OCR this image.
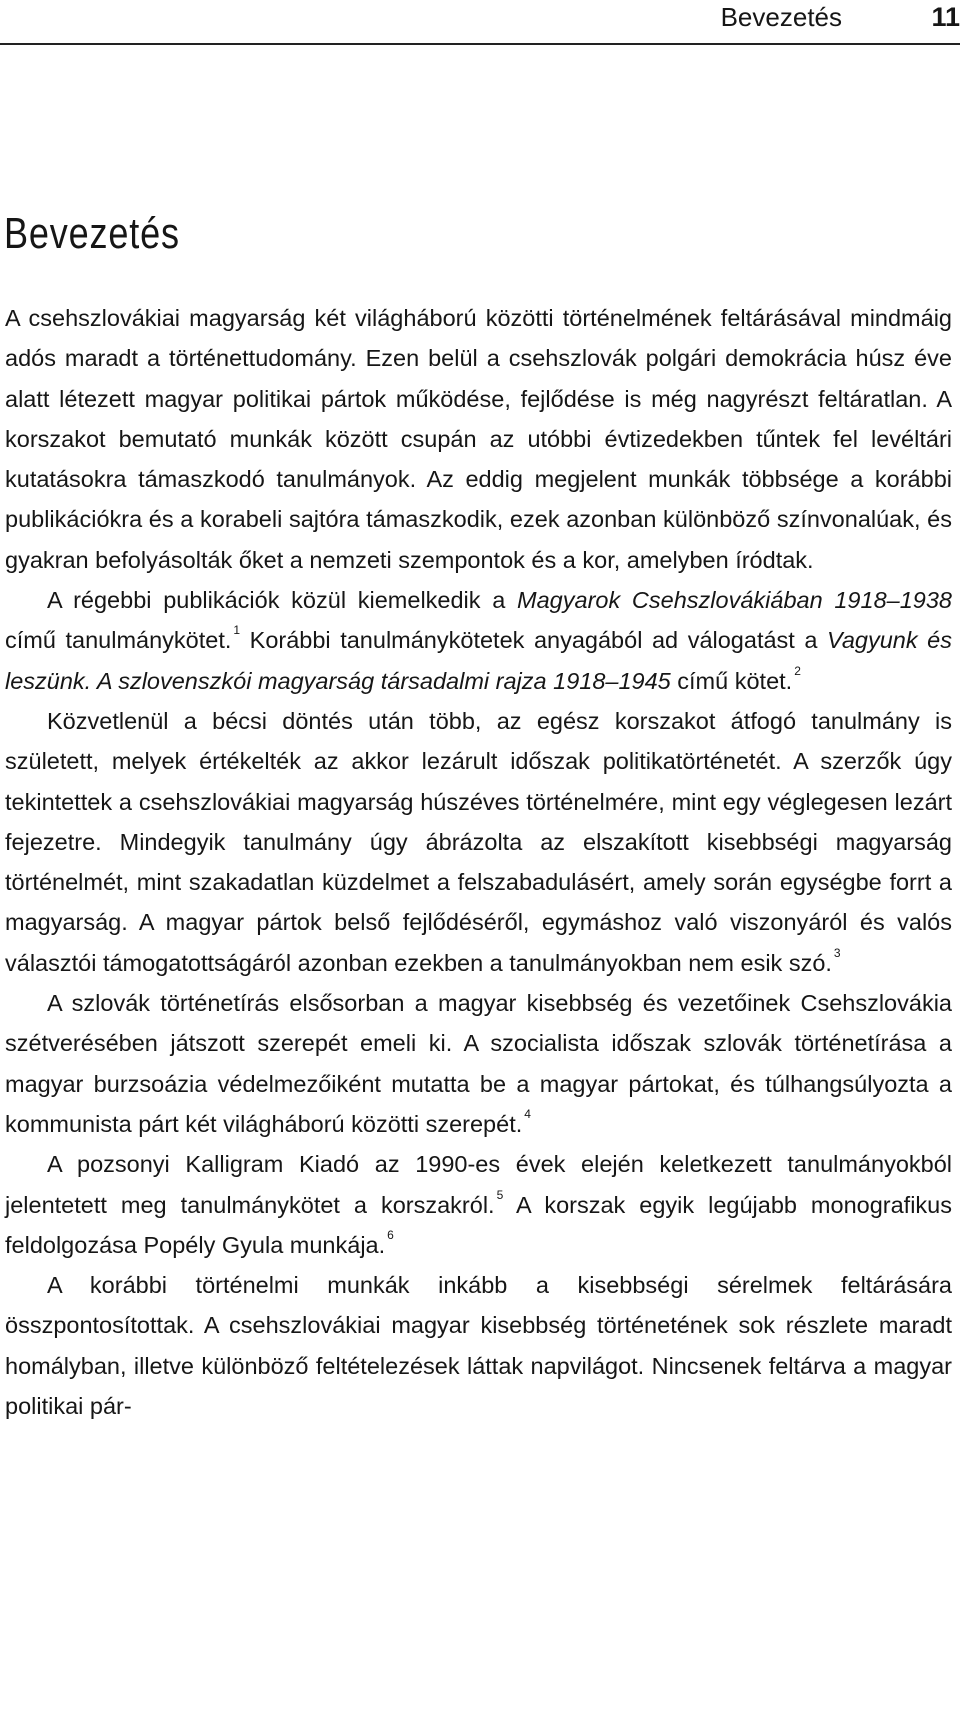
Bevezetés	11
Bevezetés

A csehszlovákiai magyarság két világháború közötti történelmének feltárásával mindmáig adós maradt a történettudomány. Ezen belül a csehszlovák polgári demokrácia húsz éve alatt létezett magyar politikai pártok működése, fejlődése is még nagyrészt feltáratlan. A korszakot bemutató munkák között csupán az utóbbi évtizedekben tűntek fel levéltári kutatásokra támaszkodó tanulmányok. Az eddig megjelent munkák többsége a korábbi publikációkra és a korabeli sajtóra támaszkodik, ezek azonban különböző színvonalúak, és gyakran befolyásolták őket a nemzeti szempontok és a kor, amelyben íródtak.

A régebbi publikációk közül kiemelkedik a Magyarok Csehszlovákiában 1918–1938 című tanulmánykötet. $^1$ Korábbi tanulmánykötetek anyagából ad válogatást a Vagyunk és leszünk. A szlovenszkói magyarság társadalmi rajza 1918–1945 című kötet. $^2$

Közvetlenül a bécsi döntés után több, az egész korszakot átfogó tanulmány is született, melyek értékelték az akkor lezárult időszak politikatörténetét. A szerzők úgy tekintettek a csehszlovákiai magyarság húszéves történelmére, mint egy véglegesen lezárt fejezetre. Mindegyik tanulmány úgy ábrázolta az elszakított kisebbségi magyarság történelmét, mint szakadatlan küzdelmet a felszabadulásért, amely során egységbe forrt a magyarság. A magyar pártok belső fejlődéséről, egymáshoz való viszonyáról és valós választói támogatottságáról azonban ezekben a tanulmányokban nem esik szó. $^3$

A szlovák történetírás elsősorban a magyar kisebbség és vezetőinek Csehszlovákia szétverésében játszott szerepét emeli ki. A szocialista időszak szlovák történetírása a magyar burzsoázia védelmezőiként mutatta be a magyar pártokat, és túlhangsúlyozta a kommunista párt két világháború közötti szerepét. $^4$

A pozsonyi Kalligram Kiadó az 1990-es évek elején keletkezett tanulmányokból jelentetett meg tanulmánykötet a korszakról. $^5$ A korszak egyik legújabb monografikus feldolgozása Popély Gyula munkája. $^6$

A korábbi történelmi munkák inkább a kisebbségi sérelmek feltárására összpontosítottak. A csehszlovákiai magyar kisebbség történetének sok részlete maradt homályban, illetve különböző feltételezések láttak napvilágot. Nincsenek feltárva a magyar politikai pár-
